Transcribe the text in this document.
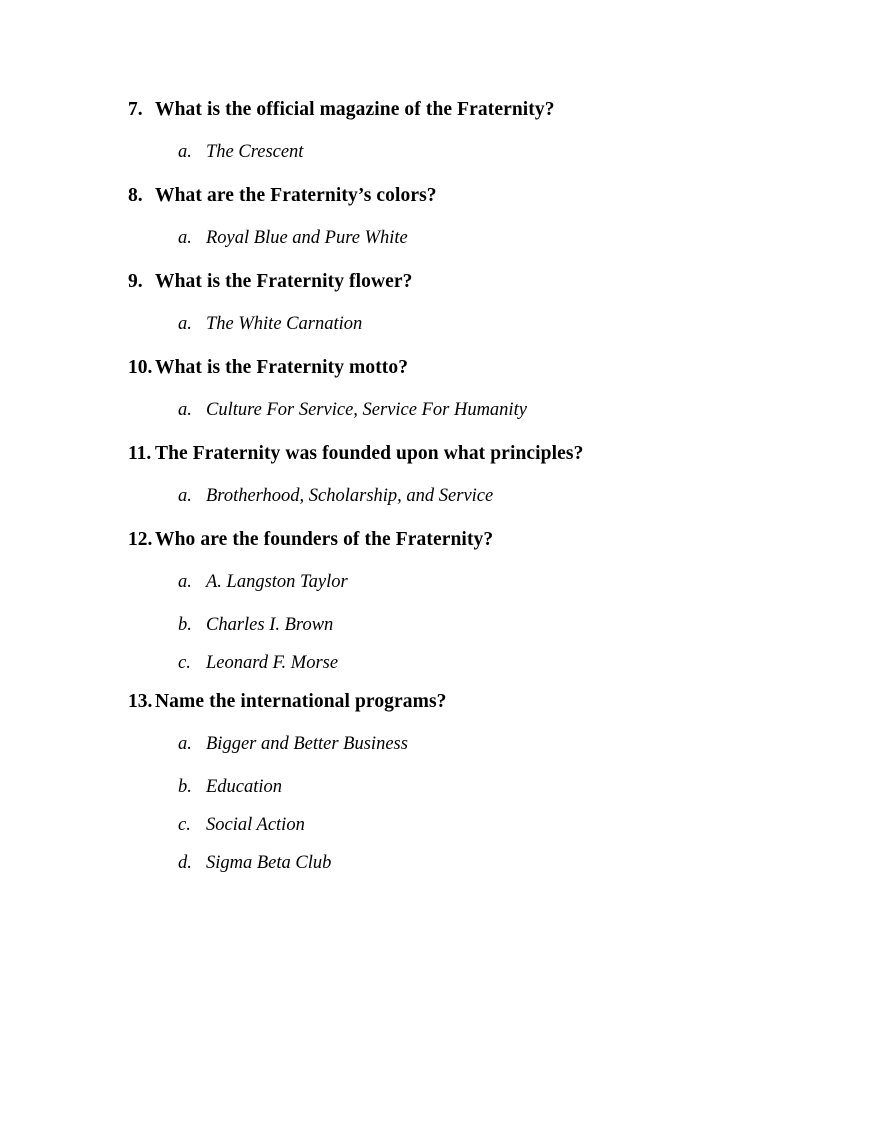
7. What is the official magazine of the Fraternity?
a. The Crescent
8. What are the Fraternity’s colors?
a. Royal Blue and Pure White
9. What is the Fraternity flower?
a. The White Carnation
10. What is the Fraternity motto?
a. Culture For Service, Service For Humanity
11. The Fraternity was founded upon what principles?
a. Brotherhood, Scholarship, and Service
12. Who are the founders of the Fraternity?
a. A. Langston Taylor
b. Charles I. Brown
c. Leonard F. Morse
13. Name the international programs?
a. Bigger and Better Business
b. Education
c. Social Action
d. Sigma Beta Club
